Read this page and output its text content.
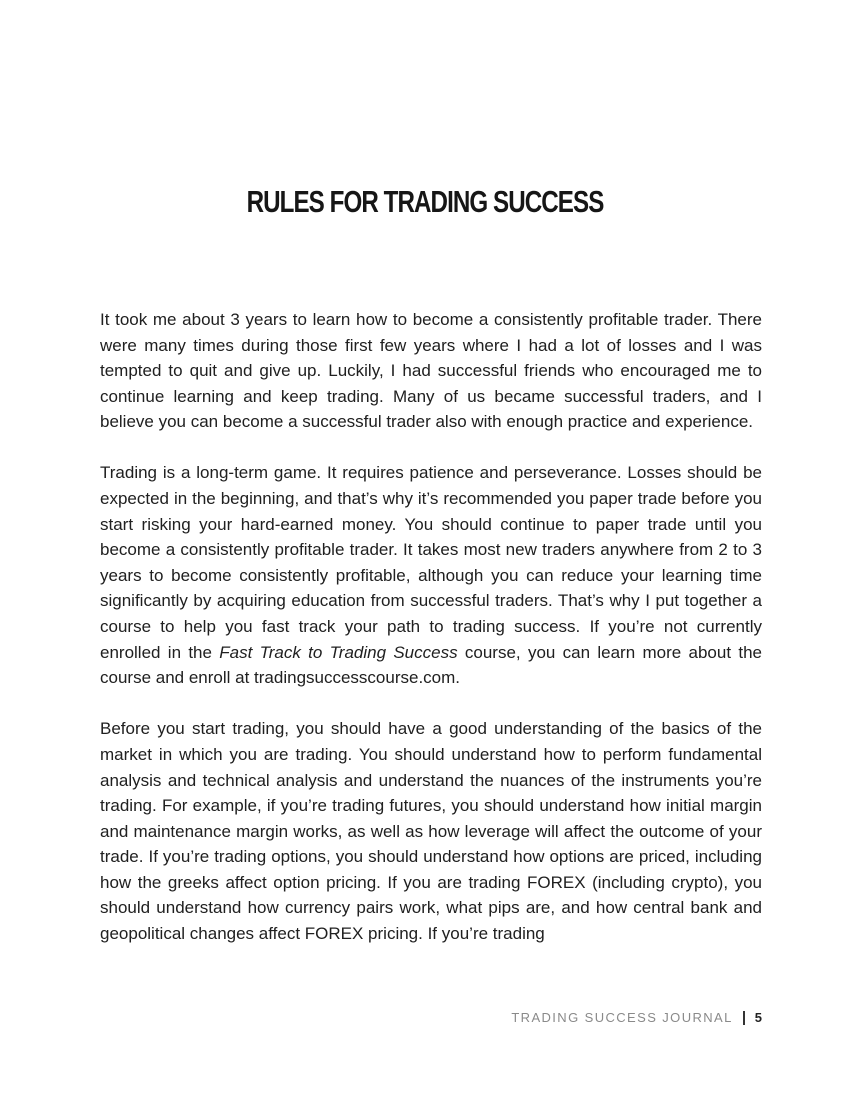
RULES FOR TRADING SUCCESS

It took me about 3 years to learn how to become a consistently profitable trader. There were many times during those first few years where I had a lot of losses and I was tempted to quit and give up. Luckily, I had successful friends who encouraged me to continue learning and keep trading. Many of us became successful traders, and I believe you can become a successful trader also with enough practice and experience.

Trading is a long-term game. It requires patience and perseverance. Losses should be expected in the beginning, and that’s why it’s recommended you paper trade before you start risking your hard-earned money. You should continue to paper trade until you become a consistently profitable trader. It takes most new traders anywhere from 2 to 3 years to become consistently profitable, although you can reduce your learning time significantly by acquiring education from successful traders. That’s why I put together a course to help you fast track your path to trading success. If you’re not currently enrolled in the Fast Track to Trading Success course, you can learn more about the course and enroll at tradingsuccesscourse.com.

Before you start trading, you should have a good understanding of the basics of the market in which you are trading. You should understand how to perform fundamental analysis and technical analysis and understand the nuances of the instruments you’re trading. For example, if you’re trading futures, you should understand how initial margin and maintenance margin works, as well as how leverage will affect the outcome of your trade. If you’re trading options, you should understand how options are priced, including how the greeks affect option pricing. If you are trading FOREX (including crypto), you should understand how currency pairs work, what pips are, and how central bank and geopolitical changes affect FOREX pricing. If you’re trading

TRADING SUCCESS JOURNAL 5
